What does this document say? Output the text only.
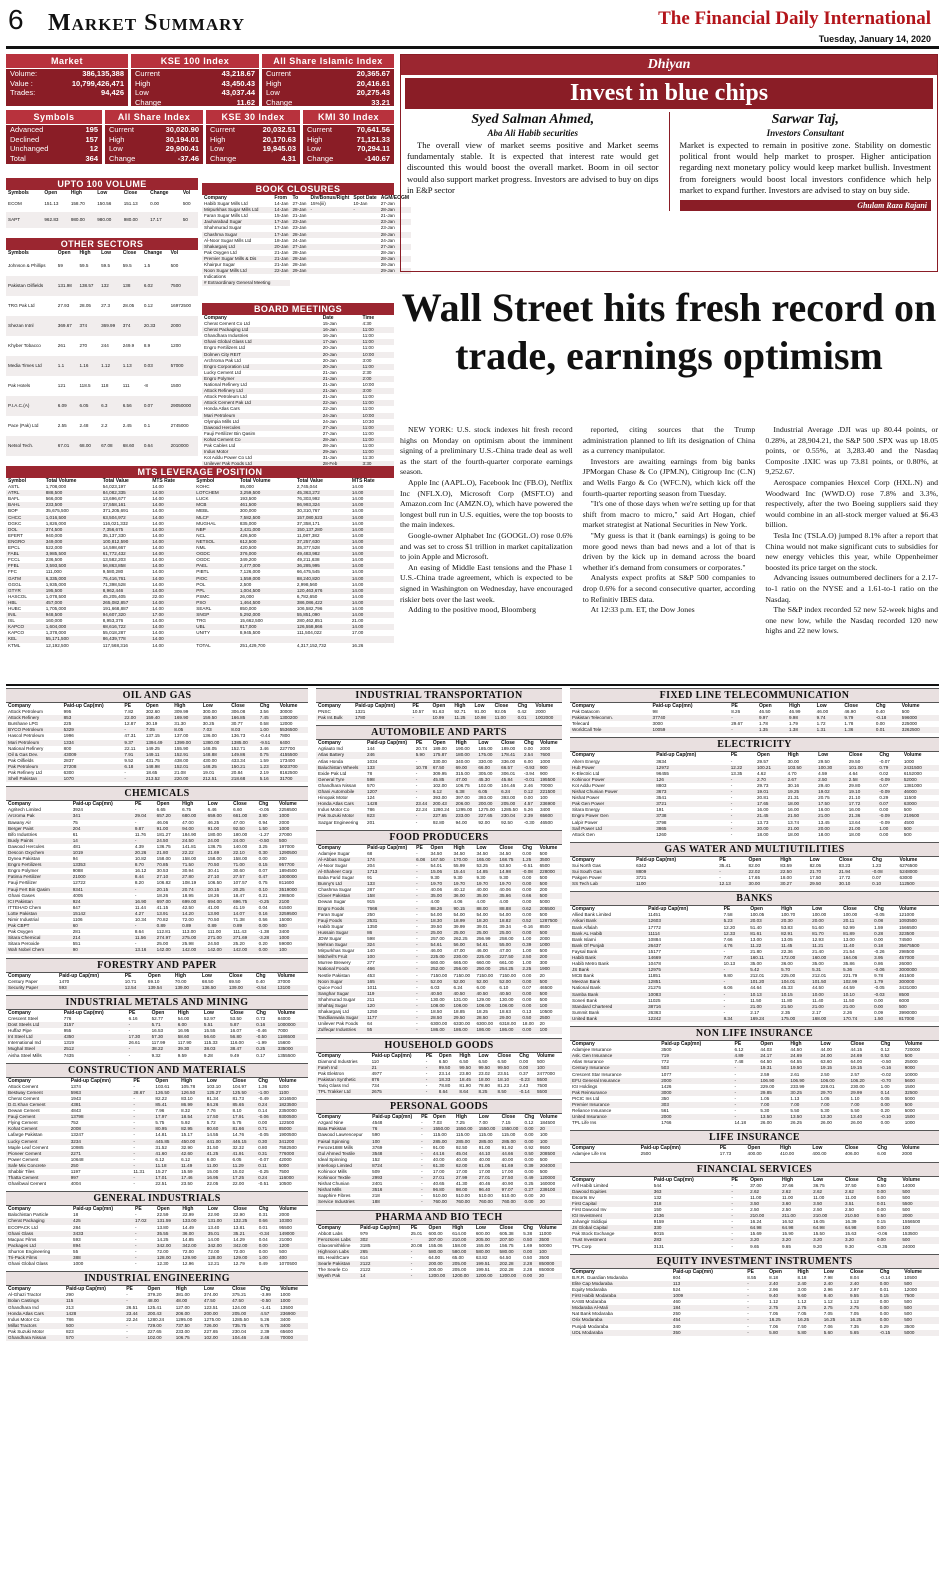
6 Market Summary	The Financial Daily International
Tuesday, January 14, 2020
Market
Volume:	386,135,388
Value :	10,799,426,471
Trades:	94,426
KSE 100 Index
Current	43,218.67
High	43,450.43
Low	43,037.44
Change	11.62
All Share Islamic Index
Current	20,365.67
High	20,416.61
Low	20,275.43
Change	33.21
Symbols
Advanced	195
Declined	157
Unchanged	12
Total	364
All Share Index
Current	30,020.90
High	30,194.01
Low	29,900.41
Change	-37.46
KSE 30 Index
Current	20,032.51
High	20,170.63
Low	19,945.03
Change	4.31
KMI 30 Index
Current	70,641.56
High	71,121.33
Low	70,294.11
Change	-140.67
UPTO 100 VOLUME
Symbols	Open	High	Low	Close	Change	Vol
ECOM	151.13	158.70	150.56	151.13	0.00	500
SAPT	962.83	980.00	980.00	980.00	17.17	50
OTHER SECTORS
Symbols	Open	High	Low	Close	Change	Vol
Johnson & Phillips	59	59.5	59.5	59.5	1.5	500
Pakistan Oilfields	131.98	138.57	132	138	6.02	7500
TRG Pak Ltd	27.93	28.05	27.3	28.05	0.12	16972500
Shezan Intnl	369.67	374	369.99	374	20.33	2000
Khyber Tobacco	261	270	244	249.9	8.9	1200
Media Times Ltd	1.1	1.16	1.12	1.13	0.03	57000
Pak Hotels	121	118.5	118	111	-8	1500
P.I.A.C.(A)	6.09	6.05	6.3	6.56	0.07	29050000
Pace (Pak) Ltd	2.55	2.48	2.2	2.45	0.1	2745000
Netsol Tech.	67.01	68.00	67.08	68.60	0.64	2010000
BOOK CLOSURES
Company	From	To	Div/Bonus/Right	Spot Date	AGM/EOGM
Habib Sugar Mills Ltd	14-Jan	27-Jan	15%(iii)	10-Jan	27-Jan
Mirpurkhas Sugar Mills Ltd	14-Jan	28-Jan	-	-	28-Jan
Faran Sugar Mills Ltd	15-Jan	21-Jan			21-Jan
Jauharabad Sugar	17-Jan	23-Jan			23-Jan
Shahmurad Sugar	17-Jan	23-Jan			23-Jan
Chashma Sugar	17-Jan	28-Jan			28-Jan
Al-Noor Sugar Mills Ltd	18-Jan	24-Jan			24-Jan
Shakarganj Ltd	20-Jan	27-Jan			27-Jan
Pak Oxygen Ltd	21-Jan	28-Jan			28-Jan
Premier Sugar Mills & Dis	21-Jan	28-Jan			28-Jan
Khairpur Sugar	21-Jan	28-Jan			28-Jan
Noon Sugar Mills Ltd	22-Jan	29-Jan			29-Jan
Indications					
# Extraordinary General Meeting					
BOARD MEETINGS
Company	Date	Time
Cherat Cement Co Ltd	15-Jan	4:30
Cherat Packaging Ltd	16-Jan	11:00
Ghandhara Industries	16-Jan	11:00
Ghani Global Glass Ltd	17-Jan	11:00
Engro Fertilizers Ltd	20-Jan	11:00
Dolmen City REIT	20-Jan	10:00
Archroma Pak Ltd	20-Jan	3:00
Engro Corporation Ltd	20-Jan	11:00
Lucky Cement Ltd	21-Jan	2:30
Engro Polymer	21-Jan	2:00
National Refinery Ltd	21-Jan	10:00
Attock Refinery Ltd	21-Jan	3:00
Attock Petroleum Ltd	21-Jan	11:00
Attock Cement Pak Ltd	22-Jan	11:00
Honda Atlas Cars	22-Jan	11:00
Mari Petroleum	24-Jan	10:00
Olympia Mills Ltd	24-Jan	10:30
Dawood Hercules	27-Jan	11:00
Fauji Fertilizer Bin Qasim	27-Jan	11:00
Kohat Cement Co	28-Jan	11:00
Pak Cables Ltd	28-Jan	11:00
Indus Motor	29-Jan	11:00
Kot Addu Power Co Ltd	31-Jan	11:30
Unilever Pak Foods Ltd	28-Feb	3:30
MTS LEVERAGE POSITION
Symbol	Total Volume	Total Value	MTS Rate	Symbol	Total Volume	Total Value	MTS Rate
ASTL	1,708,000	54,023,197	14.00	KOHC	85,000	2,745,044	14.00
ATRL	888,500	84,082,335	14.00	LOTCHEM	3,259,500	45,363,272	14.00
BAFL	566,000	13,696,677	14.00	LUCK	193,500	76,303,992	14.00
BAHL	233,500	17,558,161	14.00	MCB	461,500	86,993,324	14.00
BOP	35,675,500	371,205,691	14.00	MEBL	300,000	30,310,767	14.00
CHCC	1,016,500	63,504,972	14.00	MLCF	7,582,500	157,080,523	14.00
DGKC	1,826,000	116,021,332	14.00	MUGHAL	835,000	37,358,171	14.00
DOL	374,500	7,356,675	14.00	NBP	3,431,000	150,137,280	14.00
EFERT	940,000	35,137,330	14.00	NCL	426,500	11,087,382	14.00
ENGRO	349,000	100,812,590	14.00	NETSOL	612,500	37,257,630	14.00
EPCL	522,000	14,598,667	14.00	NML	420,500	35,377,528	14.00
FABL	3,985,500	61,772,432	14.00	OGDC	376,000	49,483,982	14.00
FCCL	236,500	13,582,203	14.00	OGDC	349,200	49,211,638	14.00
FFBL	3,593,500	56,863,858	14.00	PAEL	2,477,000	36,285,995	14.00
FFC	111,000	9,580,280	14.00	PIBTL	7,126,000	66,475,545	14.00
GATM	6,335,000	75,416,761	14.00	PIOC	1,559,000	88,240,820	14.00
GGGL	1,935,000	71,398,528	14.00	POL	2,500	2,998,560	14.00
GTYR	195,500	8,962,446	14.00	PPL	1,004,500	120,463,676	14.00
HASCOL	1,078,500	45,205,405	22.00	PSMC	26,000	6,782,650	14.00
HBL	457,000	265,082,857	14.00	PSO	1,464,500	386,086,422	14.00
HUBC	1,705,000	191,668,887	14.00	SEARL	850,000	106,582,796	14.00
INIL	948,500	94,607,320	17.00	SNGP	5,292,000	55,851,090	14.00
ISL	160,000	8,953,376	14.00	TRG	15,662,500	280,462,851	21.00
KAPCO	1,604,000	68,616,722	14.00	UBL	817,000	126,558,866	14.00
KAPCO	1,378,000	55,018,287	14.00	UNITY	8,945,500	111,504,022	17.00
KEL	55,171,500	86,439,778	14.00				
KTML	12,192,500	117,568,316	14.00	TOTAL	251,429,700	4,317,152,732	16.26
Dhiyan
Invest in blue chips
Syed Salman Ahmed,
Aba Ali Habib securities

The overall view of market seems positive and Market seems fundamentaly stable. It is expected that interest rate would get discounted this would boost the overall market. Boom in oil sector would also support market progress. Investors are advised to buy on dips in E&P sector

Sarwar Taj,
Investors Consultant

Market is expected to remain in positive zone. Stability on domestic political front would help market to prosper. Higher anticipation regarding next monetary policy would keep market bullish. Investment from foreigners would boost local investors confidence which help market to expand further. Investors are advised to stay on buy side.

Ghulam Raza Rajani
Wall Street hits fresh record on trade, earnings optimism

NEW YORK: U.S. stock indexes hit fresh record highs on Monday on optimism about the imminent signing of a preliminary U.S.-China trade deal as well as the start of the fourth-quarter corporate earnings season.

Apple Inc (AAPL.O), Facebook Inc (FB.O), Netflix Inc (NFLX.O), Microsoft Corp (MSFT.O) and Amazon.com Inc (AMZN.O), which have powered the longest bull run in U.S. equities, were the top boosts to the main indexes.

Google-owner Alphabet Inc (GOOGL.O) rose 0.6% and was set to cross $1 trillion in market capitalization to join Apple and Microsoft.

An easing of Middle East tensions and the Phase 1 U.S.-China trade agreement, which is expected to be signed in Washington on Wednesday, have encouraged riskier bets over the last week.

Adding to the positive mood, Bloomberg

reported, citing sources that the Trump administration planned to lift its designation of China as a currency manipulator.

Investors are awaiting earnings from big banks JPMorgan Chase & Co (JPM.N), Citigroup Inc (C.N) and Wells Fargo & Co (WFC.N), which kick off the fourth-quarter reporting season from Tuesday.

"It's one of those days when we're setting up for that shift from macro to micro," said Art Hogan, chief market strategist at National Securities in New York.

"My guess is that it (bank earnings) is going to be more good news than bad news and a lot of that is driven by the kick up in demand across the board whether it's demand from consumers or corporates."

Analysts expect profits at S&P 500 companies to drop 0.6% for a second consecutive quarter, according to Refinitiv IBES data.

At 12:33 p.m. ET, the Dow Jones

Industrial Average .DJI was up 80.44 points, or 0.28%, at 28,904.21, the S&P 500 .SPX was up 18.05 points, or 0.55%, at 3,283.40 and the Nasdaq Composite .IXIC was up 73.81 points, or 0.80%, at 9,252.67.

Aerospace companies Hexcel Corp (HXL.N) and Woodward Inc (WWD.O) rose 7.8% and 3.3%, respectively, after the two Boeing suppliers said they would combine in an all-stock merger valued at $6.43 billion.

Tesla Inc (TSLA.O) jumped 8.1% after a report that China would not make significant cuts to subsidies for new energy vehicles this year, while Oppenheimer boosted its price target on the stock.

Advancing issues outnumbered decliners for a 2.17-to-1 ratio on the NYSE and a 1.61-to-1 ratio on the Nasdaq.

The S&P index recorded 52 new 52-week highs and one new low, while the Nasdaq recorded 120 new highs and 22 new lows.

OIL AND GAS
Company	Paid-up Cap(mn)	PE	Open	High	Low	Close	Chg	Volume
Attock Petroleum	995	7.82	302.60	309.99	300.00	306.08	3.56	30000
Attock Refinery	853	22.00	159.40	169.90	159.50	166.85	7.45	1300200
Burshane LPG	225	12.87	30.19	31.30	30.25	30.77	0.58	12000
BYCO Petroleum	5329	-	7.05	8.05	7.03	8.03	1.00	5536500
Hascol Petroleum	1996	47.31	137.15	137.00	136.00	136.73	-0.44	7800
Mari Petroleum	1334	9.37	1394.49	1399.00	1380.00	1385.00	-9.51	6400
National Refinery	800	22.11	149.25	155.90	148.05	152.71	3.46	227700
Oil & Gas Dev.	43009	7.91	149.11	152.91	148.88	149.86	0.75	4155500
Pak Oilfields	2837	9.52	431.75	438.00	430.00	433.34	1.59	173400
Pak Petroleum	27208	6.18	148.98	152.01	148.25	150.21	1.23	5023700
Pak Refinery Ltd	6300	-	18.65	21.08	19.01	20.84	2.19	8162500
Shell Pakistan	1070	-	213.52	220.00	212.51	218.68	5.16	31700
CHEMICALS
Company	Paid-up Cap(mn)	PE	Open	High	Low	Close	Chg	Volume
Agritech Limited	3924	-	6.65	6.75	6.46	6.60	-0.05	2256500
Arcroma Pak	341	29.04	657.20	680.00	659.00	661.00	3.80	1000
Bawany Air	75	-	46.06	47.00	46.25	47.00	0.94	2000
Berger Paint	204	9.87	91.00	94.00	91.00	92.50	1.50	1000
Bifo Industries	61	11.76	181.27	184.90	180.00	180.00	-1.27	27000
Buxly Paints	14	-	24.50	24.50	24.00	24.00	-0.50	500
Dawood Hercules	481	4.39	136.75	141.81	136.75	140.00	3.25	197000
Descon Oxychem	1019	20.26	21.80	22.22	21.69	22.10	0.30	1290500
Dynea Pakistan	94	10.82	158.00	158.00	158.00	158.00	0.00	200
Engro Fertilizers	13353	8.70	70.85	71.50	70.50	71.00	0.15	957700
Engro Polymer	9088	16.12	30.53	30.94	30.41	30.60	0.07	1894500
Fatima Fertilizer	21000	8.44	27.10	27.80	27.10	27.57	0.47	1000000
Fauji Fertilizer	12722	8.20	106.82	108.19	106.50	107.57	0.75	811600
Fauji Fert Bin Qasim	9341	-	20.15	20.74	20.15	20.25	0.10	3519000
Ghani Gases	4005	-	18.26	18.95	18.26	18.47	0.21	298500
ICI Pakistan	924	16.90	697.00	699.00	694.00	696.75	-0.25	2100
ITTEHAD Chem	847	11.44	41.15	42.50	41.00	41.19	0.04	61500
Lotte Pakistan	15142	4.27	13.91	14.20	13.90	14.07	0.16	3259500
Nimir Industrial	1106	10.34	70.82	72.00	70.50	71.38	0.56	15000
Pak CBPT	60	-	0.89	0.89	0.89	0.89	0.00	500
Pak Oxygen	281	8.64	112.81	113.00	111.00	111.43	-1.38	3400
Sitara Chemical	214	11.56	274.97	275.00	271.00	271.69	-3.28	1000
Sitara Peroxide	551	-	25.00	25.98	24.50	25.20	0.20	59000
Wah Nobel Chem	90	13.16	142.00	142.00	142.00	142.00	0.00	100
FORESTRY AND PAPER
Company	Paid-up Cap(mn)	PE	Open	High	Low	Close	Chg	Volume
Century Paper	1470	10.71	69.10	70.00	68.50	69.50	0.40	37000
Security Paper	593	12.54	139.54	139.00	136.50	139.00	-0.54	13100
INDUSTRIAL METALS AND MINING
Company	Paid-up Cap(mn)	PE	Open	High	Low	Close	Chg	Volume
Crescent Steel	776	6.16	52.77	54.00	52.97	53.50	0.73	84000
Dost Steels Ltd	3157	-	5.71	6.00	5.51	5.87	0.16	1000000
Huffaz Pipe	955	-	16.53	16.95	15.55	16.07	-0.46	7000
Int Steel Ltd	4350	17.30	57.30	58.60	56.60	56.80	-0.50	1186500
International Ind	1319	26.61	117.99	117.90	115.33	116.00	-1.99	15600
Mughal Steel	2512	-	38.22	39.30	38.03	38.47	0.25	335000
Aisha Steel Mills	7435	-	9.32	9.59	9.28	9.49	0.17	1355500
CONSTRUCTION AND MATERIALS
Company	Paid-up Cap(mn)	PE	Open	High	Low	Close	Chg	Volume
Attock Cement	1374	-	103.61	105.78	103.10	104.97	1.36	5200
Bestway Cement	5963	28.67	126.50	126.50	125.27	125.50	-1.00	1100
Cherat Cement	1943	-	82.22	83.10	81.34	81.73	-0.49	1016500
D.G.Khan Cement	4381	-	85.41	86.99	84.26	85.65	0.24	1823500
Dewan Cement	4843	-	7.96	8.32	7.76	8.10	0.14	2350000
Fauji Cement	13798	-	17.97	18.54	17.50	17.91	-0.06	9300500
Flying Cement	752	-	5.75	5.92	5.72	5.75	0.00	122500
Kohat Cement	2008	-	80.95	82.95	80.60	81.66	0.71	85000
Lafarge Pakistan	13247	-	14.81	15.17	14.55	14.76	-0.05	1900500
Lucky Cement	3234	-	445.85	450.00	441.00	446.15	0.30	341200
Maple Leaf Cement	10985	-	31.52	32.90	31.50	32.32	0.80	7582500
Pioneer Cement	2271	-	41.60	42.60	41.25	41.91	0.31	776000
Power Cement	10648	-	6.12	6.12	6.00	6.05	-0.07	42000
Safe Mix Concrete	250	-	11.18	11.49	11.00	11.29	0.11	5000
Shabbir Tiles	1197	11.31	15.27	15.59	15.00	15.02	-0.25	7500
Thatta Cement	997	-	17.01	17.46	16.95	17.25	0.24	116000
Gharibwal Cement	4004	-	22.51	23.50	22.05	22.00	-0.51	10500
GENERAL INDUSTRIALS
Company	Paid-up Cap(mn)	PE	Open	High	Low	Close	Chg	Volume
Balochistan Particle	18	-	22.59	22.99	22.90	22.90	0.31	2000
Cherat Packaging	425	17.02	131.59	133.00	131.00	132.25	0.66	10300
ECOPACK Ltd	284	-	13.80	14.49	13.40	13.81	0.01	95500
Ghani Glass	3433	-	35.55	36.00	35.01	35.21	-0.34	149000
Macpac Films	593	-	14.25	14.85	14.00	14.29	0.04	21000
Packages Ltd	894	-	342.00	342.00	342.00	342.00	0.00	1200
Shurron Engineering	55	-	72.00	72.00	72.00	72.00	0.00	500
Tri-Pack Films	388	-	128.00	129.90	128.00	129.00	1.00	400
Ghani Global Glass	1000	-	12.30	12.96	12.21	12.79	0.49	1070500
INDUSTRIAL ENGINEERING
Company	Paid-up Cap(mn)	PE	Open	High	Low	Close	Chg	Volume
Al-Ghazi Tractor	290	-	379.20	381.00	374.00	375.21	-3.99	1000
Bolan Castings	115	-	48.00	48.00	47.50	47.50	-0.50	1000
Ghandhara Ind	213	26.51	125.41	127.00	123.51	124.00	-1.41	13500
Honda Atlas Cars	1428	23.44	200.43	206.00	200.00	205.00	4.57	236900
Indus Motor Co	786	22.24	1280.24	1295.00	1275.00	1285.50	5.26	3400
Millat Tractors	500	-	729.00	737.50	726.00	735.75	6.75	3400
Pak Suzuki Motor	823	-	227.65	233.00	227.65	230.04	2.39	65600
Ghandhara Nissan	570	-	102.00	106.75	102.00	104.46	2.46	70000
INDUSTRIAL TRANSPORTATION
Company	Paid-up Cap(mn)	PE	Open	High	Low	Close	Chg	Volume
PNSC	1321	10.57	91.63	92.71	91.00	92.05	0.42	2000
Pak Int.Bulk	1780	-	10.99	11.25	10.98	11.00	0.01	1002000
AUTOMOBILE AND PARTS
Company	Paid-up Cap(mn)	PE	Open	High	Low	Close	Chg	Volume
Agriauto Ind	144	20.74	189.00	190.00	185.00	189.00	0.00	2000
Atlas Battery	246	5.90	175.87	180.00	175.00	178.41	2.54	7600
Atlas Honda	1034	-	330.00	340.00	330.00	336.00	6.00	1000
Baluchistan Wheels	133	10.78	67.50	69.00	66.00	66.57	-0.93	900
Exide Pak Ltd	78	-	309.95	315.00	305.00	306.01	-3.94	900
General Tyre	598	-	45.85	47.00	45.30	45.84	-0.01	195500
Ghandhara Nissan	570	-	102.00	106.75	102.00	104.46	2.46	70000
Ghani Automobile	1207	-	6.12	6.38	6.05	6.24	0.12	221500
Hinopak Motor	124	-	393.00	397.00	393.00	393.00	0.00	100
Honda Atlas Cars	1428	23.44	200.43	206.00	200.00	205.00	4.57	236900
Indus Motor Co	786	22.24	1280.24	1295.00	1275.00	1285.50	5.26	3400
Pak Suzuki Motor	823	-	227.65	233.00	227.65	230.04	2.39	65600
Sazgar Engineering	201	-	92.80	94.00	92.00	92.50	-0.30	46500
FOOD PRODUCERS
Company	Paid-up Cap(mn)	PE	Open	High	Low	Close	Chg	Volume
Adamjee Sugar	68	-	34.50	34.50	34.50	34.50	0.00	500
Al-Abbas Sugar	174	6.08	167.50	170.00	165.00	168.75	1.25	3500
Al-Noor Sugar	204	-	54.01	55.99	53.25	53.50	-0.51	6500
Al-Shaheer Corp	1713	-	15.06	15.44	14.85	14.98	-0.08	228000
Baba Farid Sugar	91	-	9.30	9.30	9.30	9.30	0.00	500
Bunny's Ltd	133	-	19.70	19.70	19.70	19.70	0.00	500
Chashma Sugar	287	-	40.06	40.12	40.00	40.06	0.00	200
Clover Pakistan	158	-	35.00	36.00	35.00	35.66	0.66	500
Dewan Sugar	915	-	4.00	4.06	4.00	4.00	0.00	5000
Engro Foods	7666	-	88.26	90.15	88.00	88.88	0.62	205500
Faran Sugar	250	-	54.00	54.00	54.00	54.00	0.00	500
Fauji Foods	2531	-	18.30	18.99	18.20	18.82	0.52	1287500
Habib Sugar	1350	-	39.50	39.99	39.01	39.34	-0.16	8500
Hussain Sugar	86	-	25.00	25.00	25.00	25.00	0.00	500
JDW Sugar	598	-	257.00	262.25	256.99	258.00	1.00	2000
Mehran Sugar	324	-	54.61	56.00	54.61	55.00	0.39	1000
Mirpurkhas Sugar	140	-	46.00	47.00	46.00	47.00	1.00	500
Mitchell's Fruit	100	-	225.00	230.00	225.00	227.50	2.50	200
Murree Brewery	277	-	660.00	665.00	660.00	661.00	1.00	300
National Foods	466	-	252.00	256.00	250.00	254.25	2.25	1900
Nestle Pakistan	453	-	7150.00	7150.00	7150.00	7150.00	0.00	20
Noon Sugar	165	-	52.00	52.00	52.00	52.00	0.00	500
Quice Food	1011	-	6.03	6.24	6.00	6.10	0.07	46500
Sanghar Sugar	119	-	40.50	40.50	40.50	40.50	0.00	500
Shahmurad Sugar	211	-	130.00	131.00	129.00	130.00	0.00	500
Shahtaj Sugar	120	-	108.00	108.00	108.00	108.00	0.00	100
Shakarganj Ltd	1250	-	18.50	18.85	18.25	18.63	0.13	10500
Tandlianwala Sugar	1177	-	28.50	29.50	28.50	29.00	0.50	2500
Unilever Pak Foods	64	-	6300.00	6330.00	6300.00	6318.00	18.00	20
Zulfeqar Industries	55	-	186.00	186.00	186.00	186.00	0.00	100
HOUSEHOLD GOODS
Company	Paid-up Cap(mn)	PE	Open	High	Low	Close	Chg	Volume
Diamond Industries	110	-	6.50	6.50	6.50	6.50	0.00	500
Fateh Ind	21	-	99.50	99.50	99.50	99.50	0.00	100
Pak Elektron	4977	-	23.14	23.80	23.02	23.51	0.37	2477000
Pakistan Synthetic	876	-	18.33	18.45	18.00	18.10	-0.23	5500
Tariq Glass Ind	734	-	78.80	81.90	78.80	81.23	2.43	7500
TPL Trakker Ltd	2675	-	8.64	8.64	8.25	8.50	-0.14	5500
PERSONAL GOODS
Company	Paid-up Cap(mn)	PE	Open	High	Low	Close	Chg	Volume
Azgard Nine	4548	-	7.03	7.25	7.00	7.15	0.12	184500
Bata Pakistan	76	-	1550.00	1550.00	1550.00	1550.00	0.00	20
Dawood Lawrencepur	590	-	115.00	115.00	115.00	115.00	0.00	100
Faisal Spinning	100	-	285.00	285.00	285.00	285.00	0.00	100
Feroze1888 Mills	3769	-	91.00	92.50	91.00	91.92	0.92	9500
Gul Ahmed Textile	3548	-	44.16	45.04	44.10	44.66	0.50	208500
Ideal Spinning	152	-	40.00	40.00	40.00	40.00	0.00	500
Interloop Limited	8724	-	61.30	62.00	61.05	61.69	0.39	204000
Kohinoor Mills	509	-	17.00	17.00	17.00	17.00	0.00	500
Kohinoor Textile	2993	-	27.01	27.99	27.01	27.50	0.49	120000
Nishat Chunian	2401	-	40.65	41.30	40.46	40.90	0.25	160000
Nishat Mills	3516	-	96.80	98.00	96.40	97.07	0.27	239100
Sapphire Fibres	218	-	510.00	510.00	510.00	510.00	0.00	20
Service Industries	188	-	760.00	760.00	760.00	760.00	0.00	20
PHARMA AND BIO TECH
Company	Paid-up Cap(mn)	PE	Open	High	Low	Close	Chg	Volume
Abbott Labs	979	25.01	600.00	614.00	600.00	605.38	5.38	11000
Ferozsons Labs	302	-	207.00	210.00	205.00	207.50	0.50	3500
Glaxosmithkline	3185	20.08	155.06	158.00	155.00	156.75	1.69	50000
Highnoon Labs	265	-	580.00	580.00	580.00	580.00	0.00	100
IBL HealthCare	614	-	64.00	65.00	63.82	64.50	0.50	3500
Searle Pakistan	2122	-	200.00	205.00	199.51	202.28	2.28	850000
The Searle Co	2122	-	200.00	205.00	199.51	202.28	2.28	850000
Wyeth Pak	14	-	1200.00	1200.00	1200.00	1200.00	0.00	20
FIXED LINE TELECOMMUNICATION
Company	Paid-up Cap(mn)	PE	Open	High	Low	Close	Chg	Volume
Pak Datacom	98	8.26	46.50	46.99	46.00	46.90	0.40	500
Pakistan Telecomm.	37740	-	9.97	9.98	9.74	9.79	-0.18	596000
Telecard	3000	29.67	1.78	1.79	1.72	1.78	0.00	225000
WorldCall Tele	10059	-	1.35	1.38	1.31	1.36	0.01	3262500
ELECTRICITY
Company	Paid-up Cap(mn)	PE	Open	High	Low	Close	Chg	Volume
Altern Energy	3634	-	29.57	30.00	29.50	29.50	-0.07	1000
Hub Power	12972	12.22	100.21	103.50	100.30	101.00	0.79	2431500
K-Electric Ltd	96455	13.35	4.62	4.70	4.59	4.64	0.02	6152000
Kohinoor Power	126	-	2.70	2.67	2.50	2.58	-0.09	52000
Kot Addu Power	8803	-	29.73	30.16	29.40	29.80	0.07	1381000
Nishat Chunian Power	3673	-	19.01	19.25	19.02	19.10	-0.09	46000
Nishat Power	3541	-	20.81	21.31	20.75	21.10	0.29	11500
Pak Gen Power	3721	-	17.65	18.00	17.50	17.72	0.07	63000
Sitara Energy	191	-	16.00	16.00	16.00	16.00	0.00	500
Engro Power Gen	3738	-	21.45	21.50	21.00	21.36	-0.09	219500
Lalpir Power	3798	-	13.73	13.74	13.45	13.64	-0.09	4500
Saif Power Ltd	3865	-	20.00	21.00	20.00	21.00	1.00	500
Attock Gen	1260	-	18.00	18.00	18.00	18.00	0.00	500
GAS WATER AND MULTIUTILITIES
Company	Paid-up Cap(mn)	PE	Open	High	Low	Close	Chg	Volume
Sui North Gas	6342	35.41	82.00	83.59	82.05	83.23	1.23	6276500
Sui South Gas	8809	-	22.02	22.50	21.70	21.94	-0.08	5248000
Pakgen Power	3721	-	17.65	18.00	17.50	17.72	0.07	63000
SS Tech Lab	1100	12.13	30.00	30.27	29.50	30.10	0.10	112500
BANKS
Company	Paid-up Cap(mn)	PE	Open	High	Low	Close	Chg	Volume
Allied Bank Limited	11451	7.58	100.05	100.70	100.00	100.00	-0.05	121000
Askari Bank	12603	5.23	20.03	20.30	20.00	20.11	0.08	1093500
Bank Alfalah	17772	12.20	51.40	53.83	51.60	52.99	1.59	1566500
Bank AL Habib	11114	12.33	81.61	82.91	81.70	81.89	0.28	323500
Bank Islami	10884	7.66	13.00	13.05	12.93	13.00	0.00	74500
Bank Of Punjab	26437	4.76	11.22	11.45	11.21	11.40	0.18	35675500
Faysal Bank	15177	-	21.80	22.36	21.40	21.54	-0.26	298500
Habib Bank	14669	7.67	160.11	172.00	160.00	164.06	3.95	457000
Habib Metro Bank	10478	10.13	35.00	36.00	35.00	35.86	0.86	26000
JS Bank	12975	-	5.42	5.70	5.31	5.36	-0.06	3000000
MCB Bank	11851	9.80	212.01	225.00	212.01	221.79	9.78	461500
Meezan Bank	12851	-	101.20	104.01	101.50	102.99	1.79	300000
National Bank	21275	6.06	44.64	45.33	44.50	44.59	-0.05	3431000
Samba Bank	10083	-	10.13	10.15	10.00	10.10	-0.03	8500
Soneri Bank	11025	-	11.50	11.80	11.40	11.50	0.00	6000
Standard Chartered	38716	-	21.00	21.50	21.00	21.00	0.00	500
Summit Bank	26363	-	2.17	2.35	2.17	2.26	0.09	3990000
United Bank	12242	8.34	169.24	175.00	168.00	170.74	1.50	817000
NON LIFE INSURANCE
Company	Paid-up Cap(mn)	PE	Open	High	Low	Close	Chg	Volume
Adamjee Insurance	3500	6.12	44.03	44.50	44.00	44.15	0.12	720000
Ask. Gen Insurance	719	4.89	24.17	24.69	24.00	24.69	0.52	500
Atlas Insurance	772	7.48	64.50	64.55	63.60	64.00	-0.50	25000
Century Insurance	503	-	19.31	19.50	19.15	19.15	-0.16	9000
Crescent Star Insurance	1077	-	2.59	2.61	2.50	2.57	-0.02	10000
EFU General Insurance	2000	-	106.90	106.90	106.00	106.20	-0.70	5600
IGI Holdings	1426	-	229.00	233.99	228.01	230.00	1.00	1500
Pak Reinsurance	3000	-	29.85	30.25	29.70	29.99	0.14	32500
PICIC Ins Ltd	350	-	1.05	1.13	1.05	1.10	0.05	5000
Premier Insurance	303	-	7.00	7.00	7.00	7.00	0.00	500
Reliance Insurance	561	-	5.30	5.50	5.30	5.50	0.20	5000
United Insurance	2000	-	13.50	13.50	13.30	13.40	-0.10	1500
TPL Life Ins	1766	14.18	26.00	26.25	26.00	26.00	0.00	1000
LIFE INSURANCE
Company	Paid-up Cap(mn)	PE	Open	High	Low	Close	Chg	Volume
Adamjee Life Ins	2500	17.73	400.00	410.00	400.00	406.00	6.00	2000
FINANCIAL SERVICES
Company	Paid-up Cap(mn)	PE	Open	High	Low	Close	Chg	Volume
Arif Habib Limited	544	-	37.00	37.66	36.75	37.50	0.50	14000
Dawood Equities	363	-	2.62	2.62	2.62	2.62	0.00	500
Escorts Inv	132	-	11.00	11.00	11.00	11.00	0.00	500
First Capital	318	-	3.50	3.60	3.50	3.51	0.01	5500
First Dawood Inv	150	-	2.50	2.50	2.50	2.50	0.00	500
IGI Investment	2136	-	210.00	211.00	210.00	210.50	0.50	2000
Jahangir Siddiqui	9159	-	16.24	16.52	16.05	16.39	0.15	1556500
JS Global Capital	330	-	64.98	64.98	64.98	64.98	0.00	100
Pak Stock Exchange	8015	-	15.69	15.90	15.50	15.63	-0.06	153500
Trust Investment	283	-	3.20	3.20	3.20	3.20	0.00	500
TPL Corp	3131	-	9.65	9.65	9.20	9.30	-0.35	24000
EQUITY INVESTMENT INSTRUMENTS
Company	Paid-up Cap(mn)	PE	Open	High	Low	Close	Chg	Volume
B.R.R. Guardian Modaraba	804	8.55	8.18	8.18	7.98	8.04	-0.14	10500
Elite Cap Modaraba	113	-	2.40	2.40	2.40	2.40	0.00	500
Equity Modaraba	524	-	2.96	3.00	2.96	2.97	0.01	12000
First Habib Modaraba	1009	-	9.40	9.60	9.40	9.55	0.15	7500
KASB Modaraba	460	-	1.12	1.12	1.12	1.12	0.00	500
Modaraba Al-Mali	184	-	2.75	2.75	2.75	2.75	0.00	500
Nat Bank Modaraba	250	-	7.05	7.05	7.05	7.05	0.00	500
Orix Modaraba	454	-	16.25	16.25	16.25	16.25	0.00	500
Punjab Modaraba	340	-	7.06	7.50	7.06	7.35	0.29	3500
UDL Modaraba	350	-	5.80	5.80	5.60	5.65	-0.15	5000
